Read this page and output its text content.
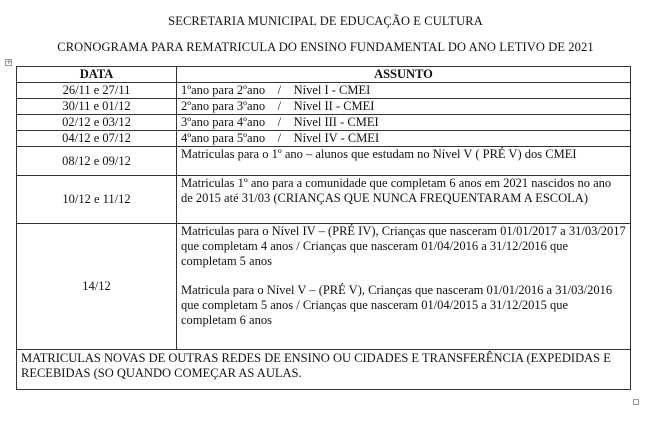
SECRETARIA MUNICIPAL DE EDUCAÇÃO E CULTURA
CRONOGRAMA PARA REMATRICULA DO ENSINO FUNDAMENTAL DO ANO LETIVO DE 2021
+
DATA	ASSUNTO
26/11 e 27/11	1ºano para 2ºano    /    Nível I - CMEI
30/11 e 01/12	2ºano para 3ºano    /    Nível II - CMEI
02/12 e 03/12	3ºano para 4ºano    /    Nível III - CMEI
04/12 e 07/12	4ºano para 5ºano    /    Nível IV - CMEI
08/12 e 09/12	Matriculas para o 1º ano – alunos que estudam no Nível V ( PRÉ V) dos CMEI
10/12 e 11/12	Matriculas 1º ano para a comunidade que completam 6 anos em 2021 nascidos no ano de 2015 até 31/03 (CRIANÇAS QUE NUNCA FREQUENTARAM A ESCOLA)
14/12	Matriculas para o Nível IV – (PRÉ IV), Crianças que nasceram 01/01/2017 a 31/03/2017 que completam 4 anos / Crianças que nasceram 01/04/2016 a 31/12/2016 que completam 5 anos
Matricula para o Nível V – (PRÉ V), Crianças que nasceram 01/01/2016 a 31/03/2016 que completam 5 anos / Crianças que nasceram 01/04/2015 a 31/12/2015 que completam 6 anos

MATRICULAS NOVAS DE OUTRAS REDES DE ENSINO OU CIDADES E TRANSFERÊNCIA (EXPEDIDAS E RECEBIDAS (SO QUANDO COMEÇAR AS AULAS.	
